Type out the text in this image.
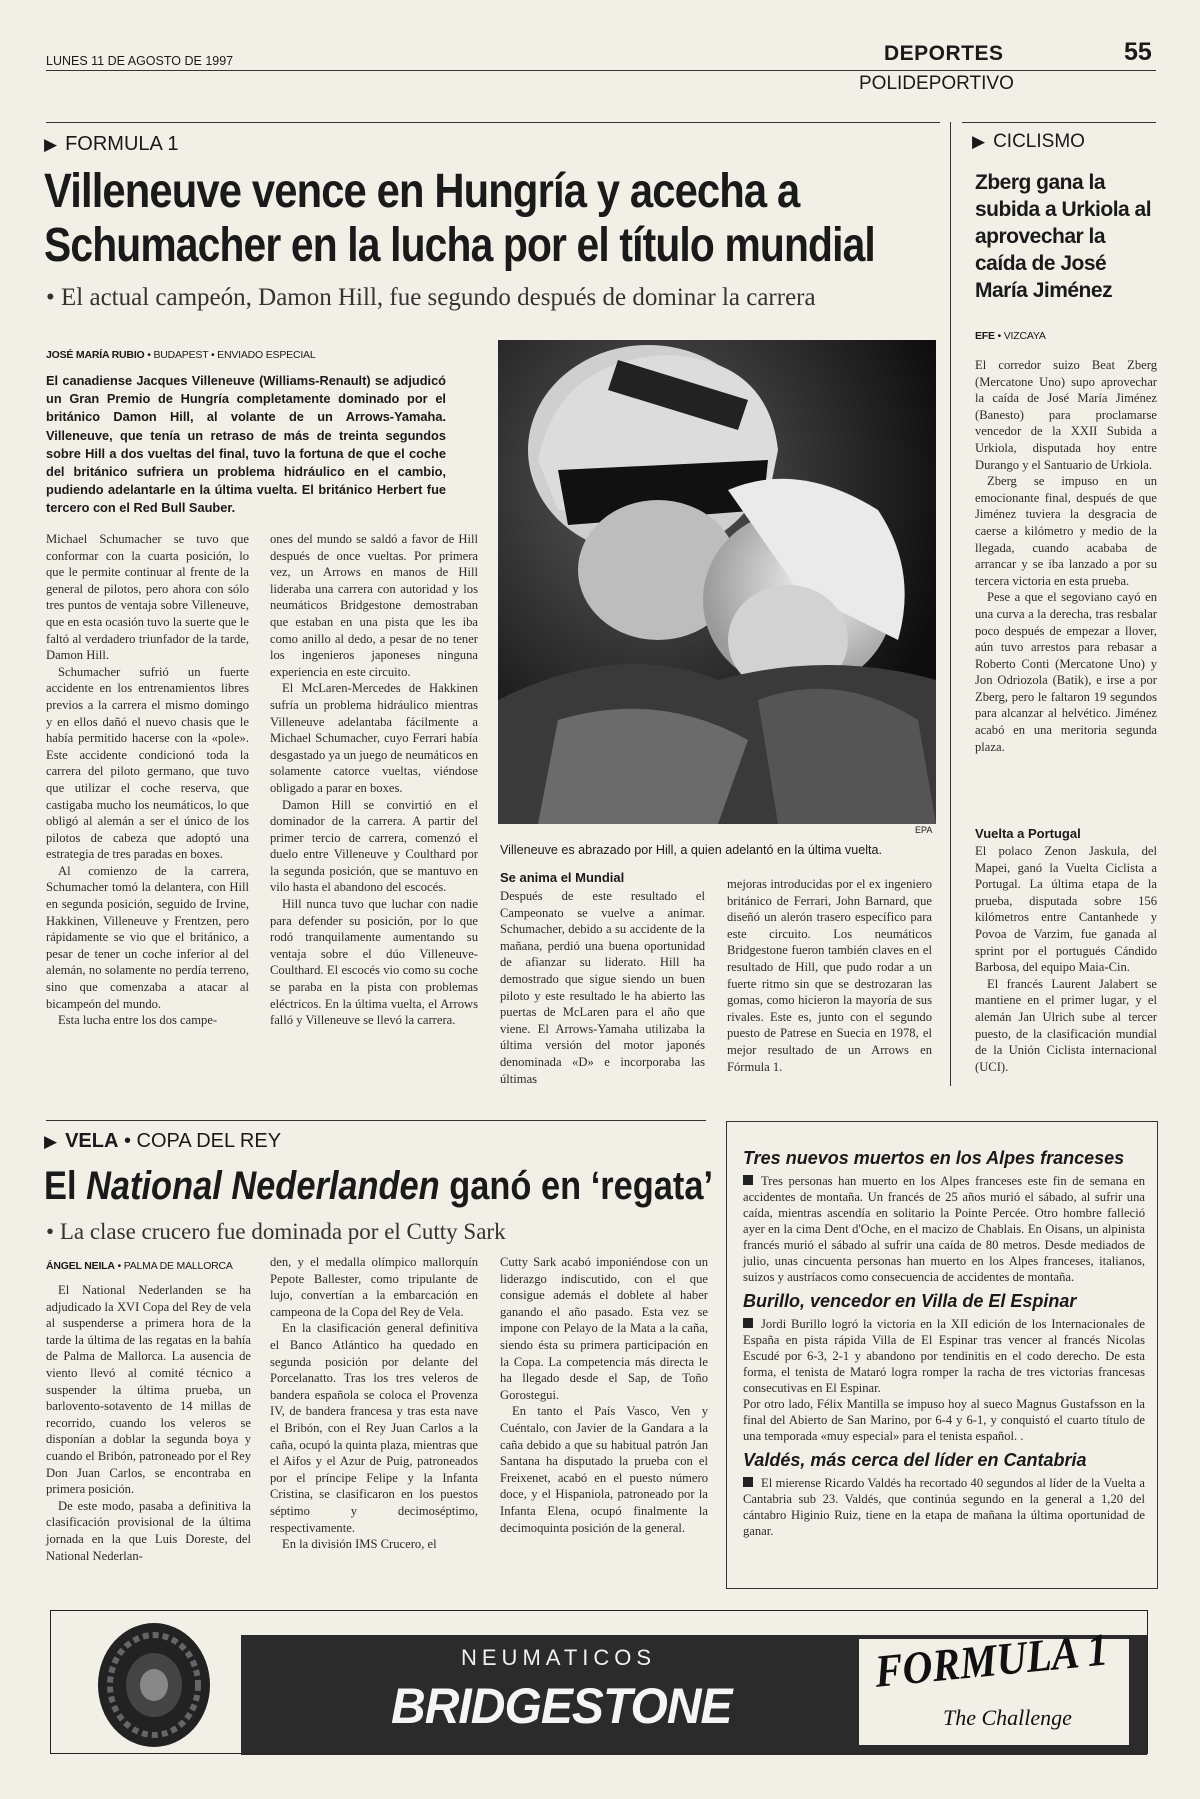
LUNES 11 DE AGOSTO DE 1997	DEPORTES	55
POLIDEPORTIVO
▶ FORMULA 1
Villeneuve vence en Hungría y acecha a
Schumacher en la lucha por el título mundial
• El actual campeón, Damon Hill, fue segundo después de dominar la carrera
JOSÉ MARÍA RUBIO • BUDAPEST • ENVIADO ESPECIAL
El canadiense Jacques Villeneuve (Williams-Renault) se adjudicó un Gran Premio de Hungría completamente dominado por el británico Damon Hill, al volante de un Arrows-Yamaha. Villeneuve, que tenía un retraso de más de treinta segundos sobre Hill a dos vueltas del final, tuvo la fortuna de que el coche del británico sufriera un problema hidráulico en el cambio, pudiendo adelantarle en la última vuelta. El británico Herbert fue tercero con el Red Bull Sauber.

Michael Schumacher se tuvo que conformar con la cuarta posición, lo que le permite continuar al frente de la general de pilotos, pero ahora con sólo tres puntos de ventaja sobre Villeneuve, que en esta ocasión tuvo la suerte que le faltó al verdadero triunfador de la tarde, Damon Hill.

Schumacher sufrió un fuerte accidente en los entrenamientos libres previos a la carrera el mismo domingo y en ellos dañó el nuevo chasis que le había permitido hacerse con la «pole». Este accidente condicionó toda la carrera del piloto germano, que tuvo que utilizar el coche reserva, que castigaba mucho los neumáticos, lo que obligó al alemán a ser el único de los pilotos de cabeza que adoptó una estrategia de tres paradas en boxes.

Al comienzo de la carrera, Schumacher tomó la delantera, con Hill en segunda posición, seguido de Irvine, Hakkinen, Villeneuve y Frentzen, pero rápidamente se vio que el británico, a pesar de tener un coche inferior al del alemán, no solamente no perdía terreno, sino que comenzaba a atacar al bicampeón del mundo.

Esta lucha entre los dos campe-

ones del mundo se saldó a favor de Hill después de once vueltas. Por primera vez, un Arrows en manos de Hill lideraba una carrera con autoridad y los neumáticos Bridgestone demostraban que estaban en una pista que les iba como anillo al dedo, a pesar de no tener los ingenieros japoneses ninguna experiencia en este circuito.

El McLaren-Mercedes de Hakkinen sufría un problema hidráulico mientras Villeneuve adelantaba fácilmente a Michael Schumacher, cuyo Ferrari había desgastado ya un juego de neumáticos en solamente catorce vueltas, viéndose obligado a parar en boxes.

Damon Hill se convirtió en el dominador de la carrera. A partir del primer tercio de carrera, comenzó el duelo entre Villeneuve y Coulthard por la segunda posición, que se mantuvo en vilo hasta el abandono del escocés.

Hill nunca tuvo que luchar con nadie para defender su posición, por lo que rodó tranquilamente aumentando su ventaja sobre el dúo Villeneuve-Coulthard. El escocés vio como su coche se paraba en la pista con problemas eléctricos. En la última vuelta, el Arrows falló y Villeneuve se llevó la carrera.

EPA
Villeneuve es abrazado por Hill, a quien adelantó en la última vuelta.
Se anima el Mundial

Después de este resultado el Campeonato se vuelve a animar. Schumacher, debido a su accidente de la mañana, perdió una buena oportunidad de afianzar su liderato. Hill ha demostrado que sigue siendo un buen piloto y este resultado le ha abierto las puertas de McLaren para el año que viene. El Arrows-Yamaha utilizaba la última versión del motor japonés denominada «D» e incorporaba las últimas

mejoras introducidas por el ex ingeniero británico de Ferrari, John Barnard, que diseñó un alerón trasero específico para este circuito. Los neumáticos Bridgestone fueron también claves en el resultado de Hill, que pudo rodar a un fuerte ritmo sin que se destrozaran las gomas, como hicieron la mayoría de sus rivales. Este es, junto con el segundo puesto de Patrese en Suecia en 1978, el mejor resultado de un Arrows en Fórmula 1.

▶ CICLISMO
Zberg gana la subida a Urkiola al aprovechar la caída de José María Jiménez
EFE • VIZCAYA

El corredor suizo Beat Zberg (Mercatone Uno) supo aprovechar la caída de José María Jiménez (Banesto) para proclamarse vencedor de la XXII Subida a Urkiola, disputada hoy entre Durango y el Santuario de Urkiola.

Zberg se impuso en un emocionante final, después de que Jiménez tuviera la desgracia de caerse a kilómetro y medio de la llegada, cuando acababa de arrancar y se iba lanzado a por su tercera victoria en esta prueba.

Pese a que el segoviano cayó en una curva a la derecha, tras resbalar poco después de empezar a llover, aún tuvo arrestos para rebasar a Roberto Conti (Mercatone Uno) y Jon Odriozola (Batik), e irse a por Zberg, pero le faltaron 19 segundos para alcanzar al helvético. Jiménez acabó en una meritoria segunda plaza.

Vuelta a Portugal

El polaco Zenon Jaskula, del Mapei, ganó la Vuelta Ciclista a Portugal. La última etapa de la prueba, disputada sobre 156 kilómetros entre Cantanhede y Povoa de Varzim, fue ganada al sprint por el portugués Cándido Barbosa, del equipo Maia-Cin.

El francés Laurent Jalabert se mantiene en el primer lugar, y el alemán Jan Ulrich sube al tercer puesto, de la clasificación mundial de la Unión Ciclista internacional (UCI).

▶ VELA • COPA DEL REY
El National Nederlanden ganó en ‘regata’
• La clase crucero fue dominada por el Cutty Sark
ÁNGEL NEILA • PALMA DE MALLORCA

El National Nederlanden se ha adjudicado la XVI Copa del Rey de vela al suspenderse a primera hora de la tarde la última de las regatas en la bahía de Palma de Mallorca. La ausencia de viento llevó al comité técnico a suspender la última prueba, un barlovento-sotavento de 14 millas de recorrido, cuando los veleros se disponían a doblar la segunda boya y cuando el Bribón, patroneado por el Rey Don Juan Carlos, se encontraba en primera posición.

De este modo, pasaba a definitiva la clasificación provisional de la última jornada en la que Luis Doreste, del National Nederlan-

den, y el medalla olímpico mallorquín Pepote Ballester, como tripulante de lujo, convertían a la embarcación en campeona de la Copa del Rey de Vela.

En la clasificación general definitiva el Banco Atlántico ha quedado en segunda posición por delante del Porcelanatto. Tras los tres veleros de bandera española se coloca el Provenza IV, de bandera francesa y tras esta nave el Bribón, con el Rey Juan Carlos a la caña, ocupó la quinta plaza, mientras que el Aifos y el Azur de Puig, patroneados por el príncipe Felipe y la Infanta Cristina, se clasificaron en los puestos séptimo y decimoséptimo, respectivamente.

En la división IMS Crucero, el

Cutty Sark acabó imponiéndose con un liderazgo indiscutido, con el que consigue además el doblete al haber ganando el año pasado. Esta vez se impone con Pelayo de la Mata a la caña, siendo ésta su primera participación en la Copa. La competencia más directa le ha llegado desde el Sap, de Toño Gorostegui.

En tanto el País Vasco, Ven y Cuéntalo, con Javier de la Gandara a la caña debido a que su habitual patrón Jan Santana ha disputado la prueba con el Freixenet, acabó en el puesto número doce, y el Hispaniola, patroneado por la Infanta Elena, ocupó finalmente la decimoquinta posición de la general.

Tres nuevos muertos en los Alpes franceses
Tres personas han muerto en los Alpes franceses este fin de semana en accidentes de montaña. Un francés de 25 años murió el sábado, al sufrir una caída, mientras ascendía en solitario la Pointe Percée. Otro hombre falleció ayer en la cima Dent d'Oche, en el macizo de Chablais. En Oisans, un alpinista francés murió el sábado al sufrir una caída de 80 metros. Desde mediados de julio, unas cincuenta personas han muerto en los Alpes franceses, italianos, suizos y austríacos como consecuencia de accidentes de montaña.
Burillo, vencedor en Villa de El Espinar
Jordi Burillo logró la victoria en la XII edición de los Internacionales de España en pista rápida Villa de El Espinar tras vencer al francés Nicolas Escudé por 6-3, 2-1 y abandono por tendinitis en el codo derecho. De esta forma, el tenista de Mataró logra romper la racha de tres victorias francesas consecutivas en El Espinar.
Por otro lado, Félix Mantilla se impuso hoy al sueco Magnus Gustafsson en la final del Abierto de San Marino, por 6-4 y 6-1, y conquistó el cuarto título de una temporada «muy especial» para el tenista español. .
Valdés, más cerca del líder en Cantabria
El mierense Ricardo Valdés ha recortado 40 segundos al líder de la Vuelta a Cantabria sub 23. Valdés, que continúa segundo en la general a 1,20 del cántabro Higinio Ruiz, tiene en la etapa de mañana la última oportunidad de ganar.
NEUMATICOS
BRIDGESTONE
FORMULA 1
The Challenge
